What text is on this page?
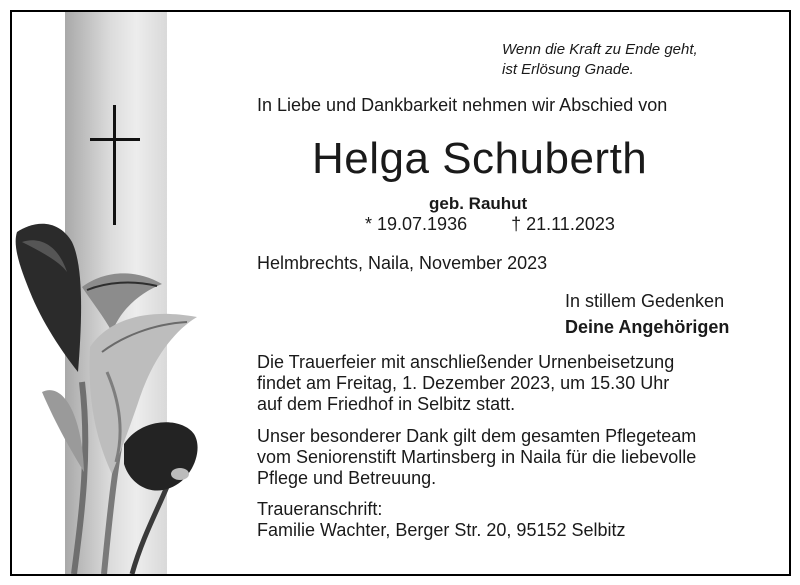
Wenn die Kraft zu Ende geht,
ist Erlösung Gnade.
In Liebe und Dankbarkeit nehmen wir Abschied von
Helga Schuberth
geb. Rauhut
* 19.07.1936 † 21.11.2023
Helmbrechts, Naila, November 2023
In stillem Gedenken
Deine Angehörigen
Die Trauerfeier mit anschließender Urnenbeisetzung
findet am Freitag, 1. Dezember 2023, um 15.30 Uhr
auf dem Friedhof in Selbitz statt.
Unser besonderer Dank gilt dem gesamten Pflegeteam
vom Seniorenstift Martinsberg in Naila für die liebevolle
Pflege und Betreuung.
Traueranschrift:
Familie Wachter, Berger Str. 20, 95152 Selbitz
